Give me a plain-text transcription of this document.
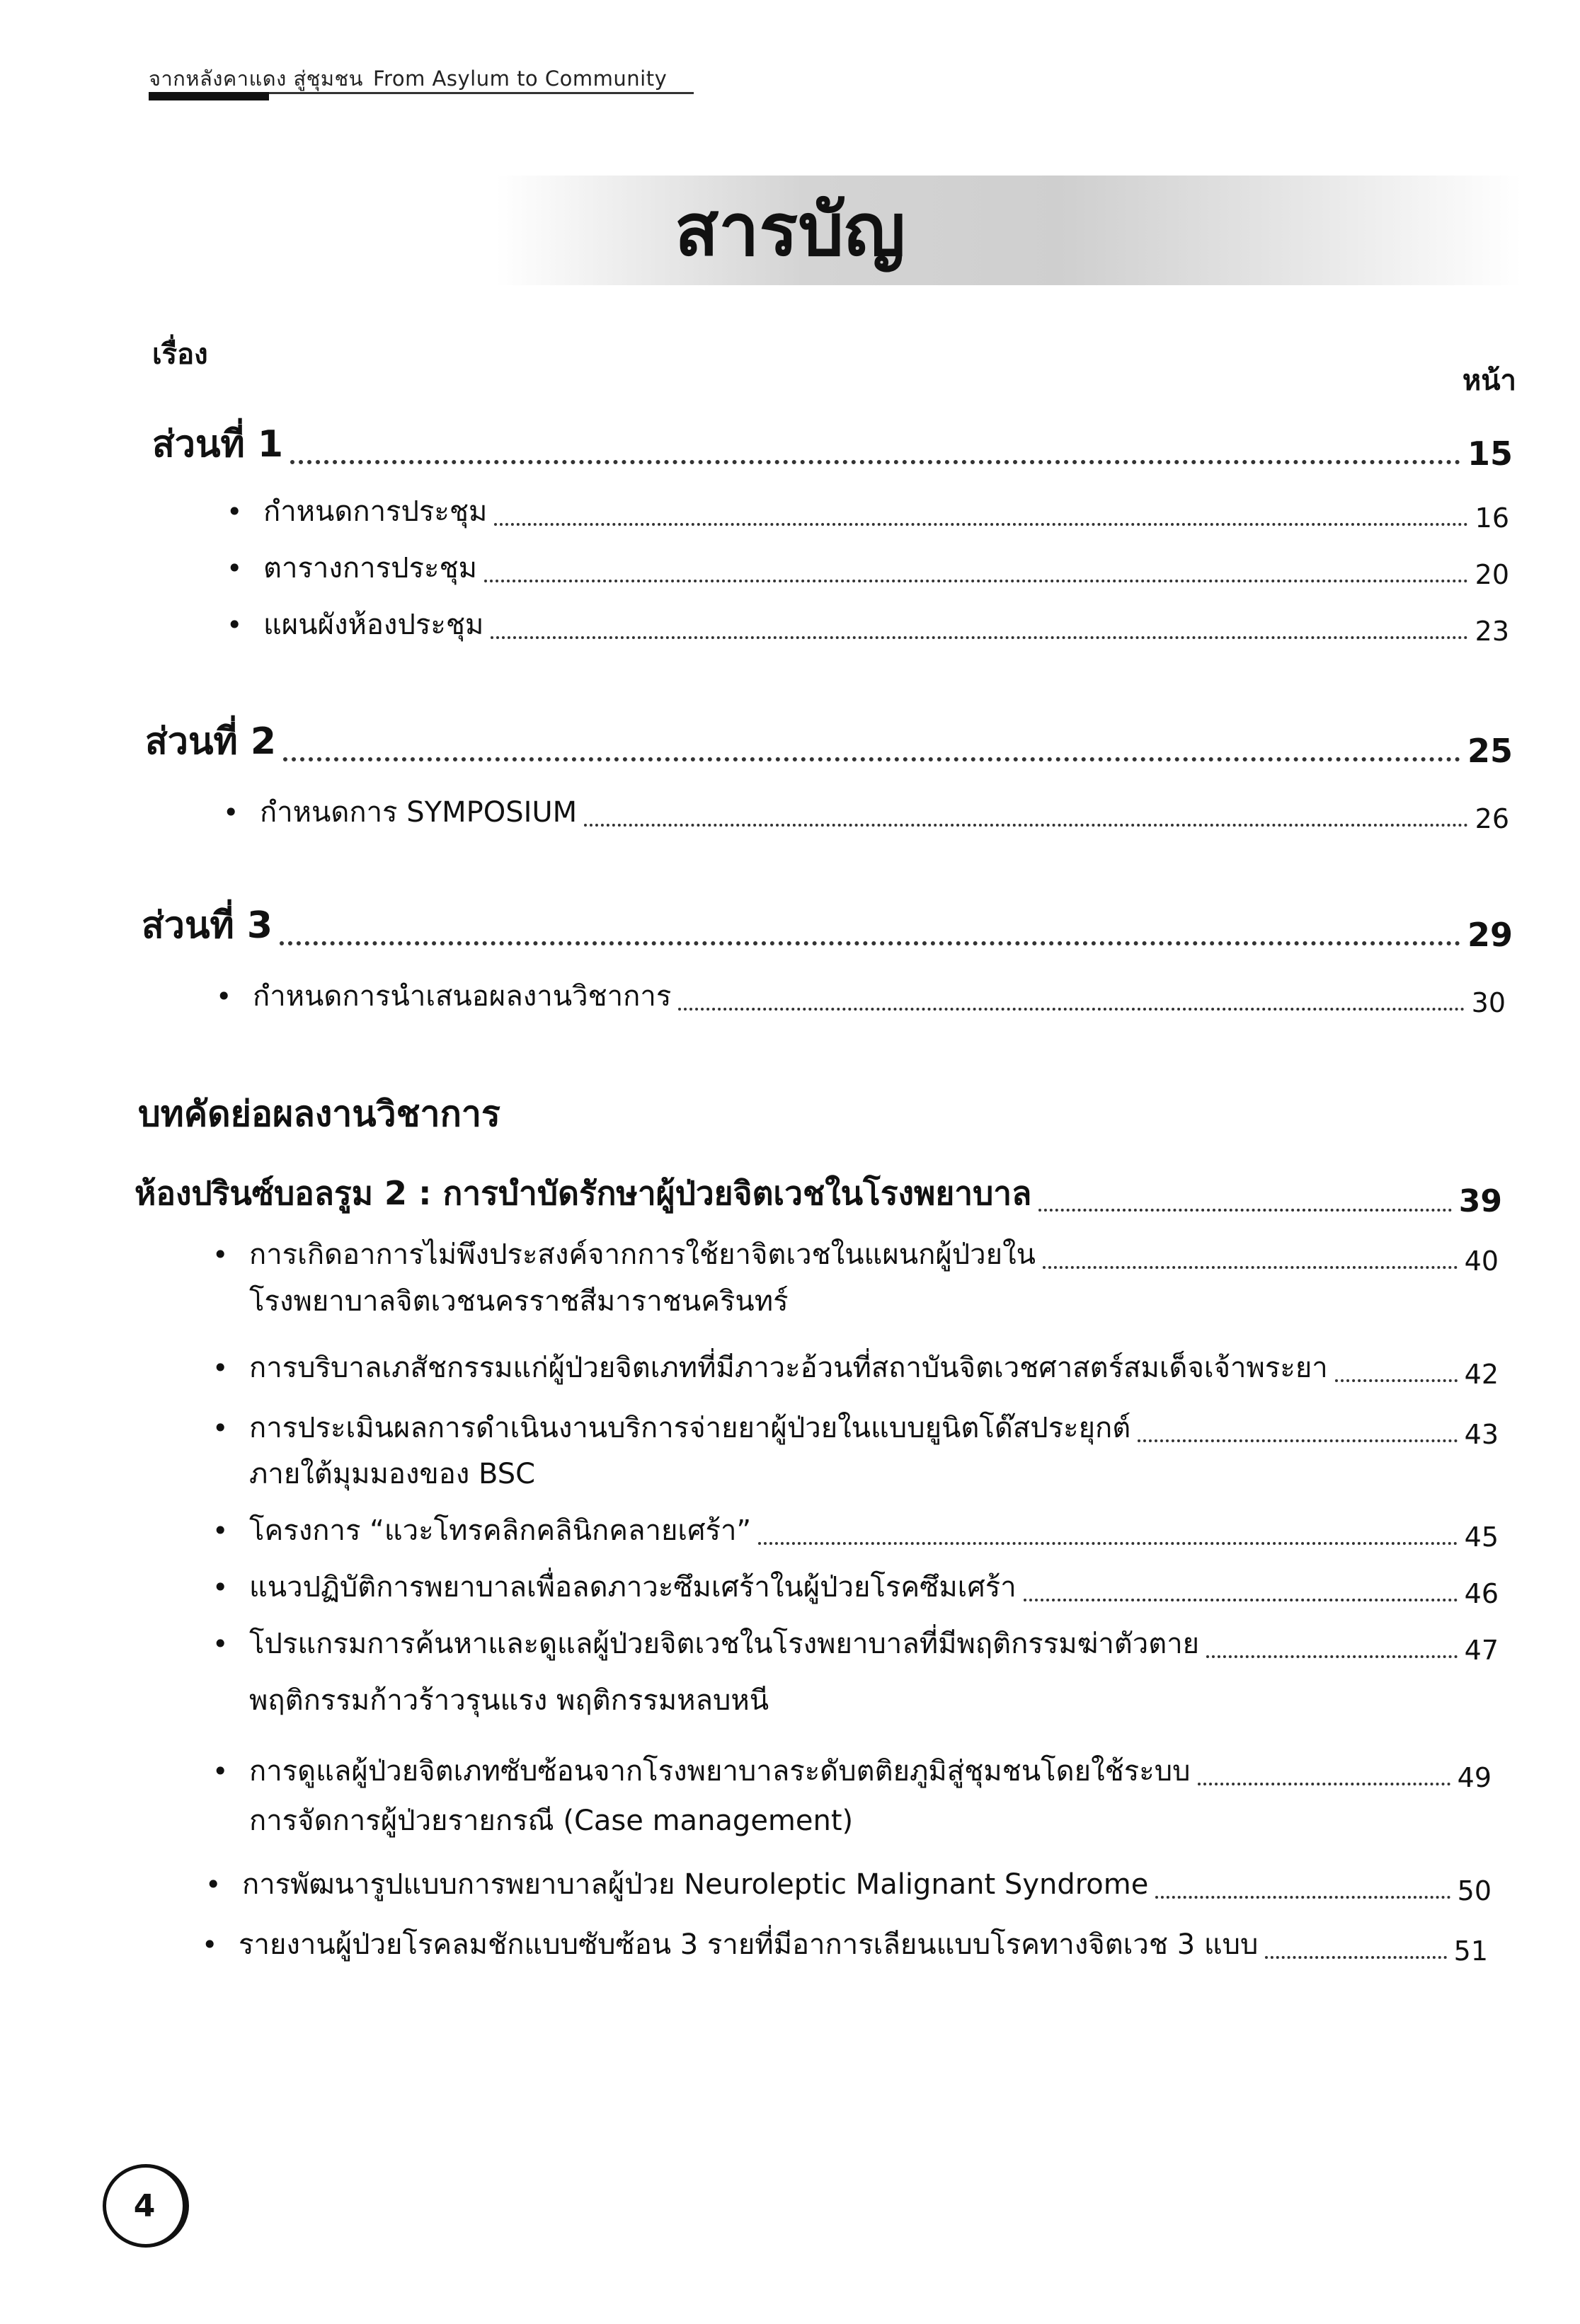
จากหลังคาแดง สู่ชุมชน From Asylum to Community
สารบัญ
เรื่อง
หน้า
ส่วนที่ 1	15
• กำหนดการประชุม	16
• ตารางการประชุม	20
• แผนผังห้องประชุม	23
ส่วนที่ 2	25
• กำหนดการ SYMPOSIUM	26
ส่วนที่ 3	29
• กำหนดการนำเสนอผลงานวิชาการ	30
บทคัดย่อผลงานวิชาการ
ห้องปรินซ์บอลรูม 2 : การบำบัดรักษาผู้ป่วยจิตเวชในโรงพยาบาล	39
• การเกิดอาการไม่พึงประสงค์จากการใช้ยาจิตเวชในแผนกผู้ป่วยใน	40
โรงพยาบาลจิตเวชนครราชสีมาราชนครินทร์
• การบริบาลเภสัชกรรมแก่ผู้ป่วยจิตเภทที่มีภาวะอ้วนที่สถาบันจิตเวชศาสตร์สมเด็จเจ้าพระยา	42
• การประเมินผลการดำเนินงานบริการจ่ายยาผู้ป่วยในแบบยูนิตโด๊สประยุกต์	43
ภายใต้มุมมองของ BSC
• โครงการ “แวะโทรคลิกคลินิกคลายเศร้า”	45
• แนวปฏิบัติการพยาบาลเพื่อลดภาวะซึมเศร้าในผู้ป่วยโรคซึมเศร้า	46
• โปรแกรมการค้นหาและดูแลผู้ป่วยจิตเวชในโรงพยาบาลที่มีพฤติกรรมฆ่าตัวตาย	47
พฤติกรรมก้าวร้าวรุนแรง พฤติกรรมหลบหนี
• การดูแลผู้ป่วยจิตเภทซับซ้อนจากโรงพยาบาลระดับตติยภูมิสู่ชุมชนโดยใช้ระบบ	49
การจัดการผู้ป่วยรายกรณี (Case management)
• การพัฒนารูปแบบการพยาบาลผู้ป่วย Neuroleptic Malignant Syndrome	50
• รายงานผู้ป่วยโรคลมชักแบบซับซ้อน 3 รายที่มีอาการเลียนแบบโรคทางจิตเวช 3 แบบ	51
4
